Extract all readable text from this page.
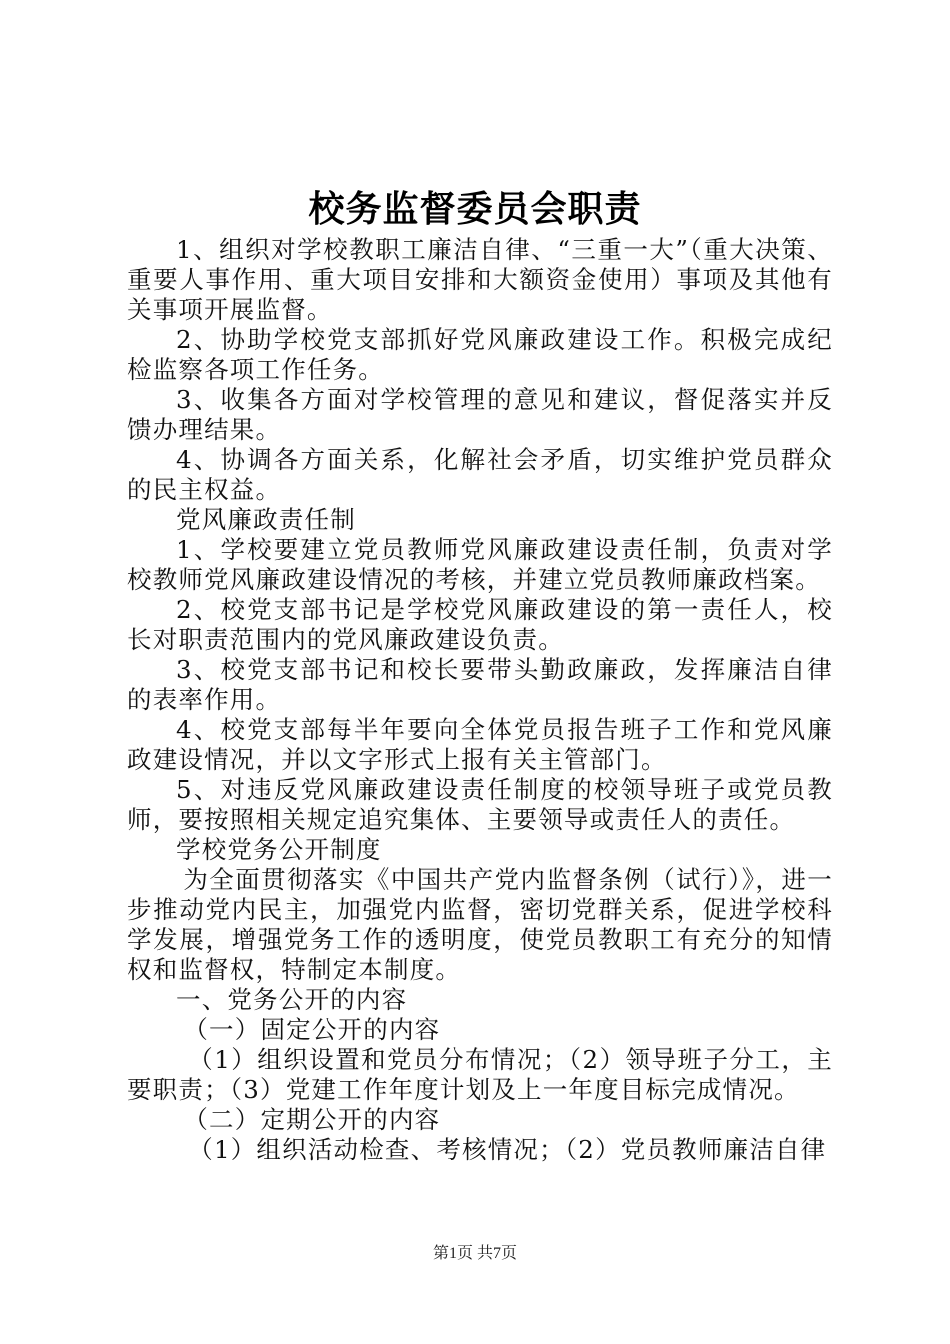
校务监督委员会职责

1、组织对学校教职工廉洁自律、“三重一大”（重大决策、重要人事作用、重大项目安排和大额资金使用）事项及其他有关事项开展监督。

2、协助学校党支部抓好党风廉政建设工作。积极完成纪检监察各项工作任务。

3、收集各方面对学校管理的意见和建议，督促落实并反馈办理结果。

4、协调各方面关系，化解社会矛盾，切实维护党员群众的民主权益。

党风廉政责任制

1、学校要建立党员教师党风廉政建设责任制，负责对学校教师党风廉政建设情况的考核，并建立党员教师廉政档案。

2、校党支部书记是学校党风廉政建设的第一责任人，校长对职责范围内的党风廉政建设负责。

3、校党支部书记和校长要带头勤政廉政，发挥廉洁自律的表率作用。

4、校党支部每半年要向全体党员报告班子工作和党风廉政建设情况，并以文字形式上报有关主管部门。

5、对违反党风廉政建设责任制度的校领导班子或党员教师，要按照相关规定追究集体、主要领导或责任人的责任。

学校党务公开制度

为全面贯彻落实《中国共产党内监督条例（试行）》，进一步推动党内民主，加强党内监督，密切党群关系，促进学校科学发展，增强党务工作的透明度，使党员教职工有充分的知情权和监督权，特制定本制度。

一、党务公开的内容

（一）固定公开的内容

（1）组织设置和党员分布情况；（2）领导班子分工，主要职责；（3）党建工作年度计划及上一年度目标完成情况。

（二）定期公开的内容

（1）组织活动检查、考核情况；（2）党员教师廉洁自律

第1页 共7页
